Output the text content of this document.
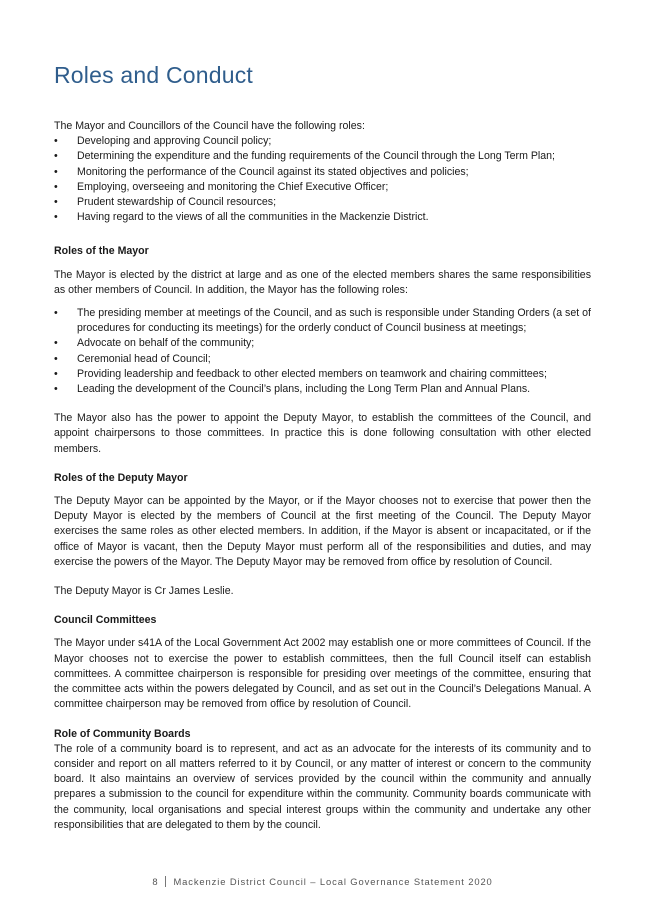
Roles and Conduct

The Mayor and Councillors of the Council have the following roles:

• Developing and approving Council policy;
• Determining the expenditure and the funding requirements of the Council through the Long Term Plan;
• Monitoring the performance of the Council against its stated objectives and policies;
• Employing, overseeing and monitoring the Chief Executive Officer;
• Prudent stewardship of Council resources;
• Having regard to the views of all the communities in the Mackenzie District.
Roles of the Mayor

The Mayor is elected by the district at large and as one of the elected members shares the same responsibilities as other members of Council. In addition, the Mayor has the following roles:

• The presiding member at meetings of the Council, and as such is responsible under Standing Orders (a set of procedures for conducting its meetings) for the orderly conduct of Council business at meetings;
• Advocate on behalf of the community;
• Ceremonial head of Council;
• Providing leadership and feedback to other elected members on teamwork and chairing committees;
• Leading the development of the Council’s plans, including the Long Term Plan and Annual Plans.

The Mayor also has the power to appoint the Deputy Mayor, to establish the committees of the Council, and appoint chairpersons to those committees. In practice this is done following consultation with other elected members.

Roles of the Deputy Mayor

The Deputy Mayor can be appointed by the Mayor, or if the Mayor chooses not to exercise that power then the Deputy Mayor is elected by the members of Council at the first meeting of the Council. The Deputy Mayor exercises the same roles as other elected members. In addition, if the Mayor is absent or incapacitated, or if the office of Mayor is vacant, then the Deputy Mayor must perform all of the responsibilities and duties, and may exercise the powers of the Mayor. The Deputy Mayor may be removed from office by resolution of Council.

The Deputy Mayor is Cr James Leslie.

Council Committees

The Mayor under s41A of the Local Government Act 2002 may establish one or more committees of Council. If the Mayor chooses not to exercise the power to establish committees, then the full Council itself can establish committees. A committee chairperson is responsible for presiding over meetings of the committee, ensuring that the committee acts within the powers delegated by Council, and as set out in the Council’s Delegations Manual. A committee chairperson may be removed from office by resolution of Council.

Role of Community Boards

The role of a community board is to represent, and act as an advocate for the interests of its community and to consider and report on all matters referred to it by Council, or any matter of interest or concern to the community board. It also maintains an overview of services provided by the council within the community and annually prepares a submission to the council for expenditure within the community. Community boards communicate with the community, local organisations and special interest groups within the community and undertake any other responsibilities that are delegated to them by the council.

8 Mackenzie District Council – Local Governance Statement 2020
